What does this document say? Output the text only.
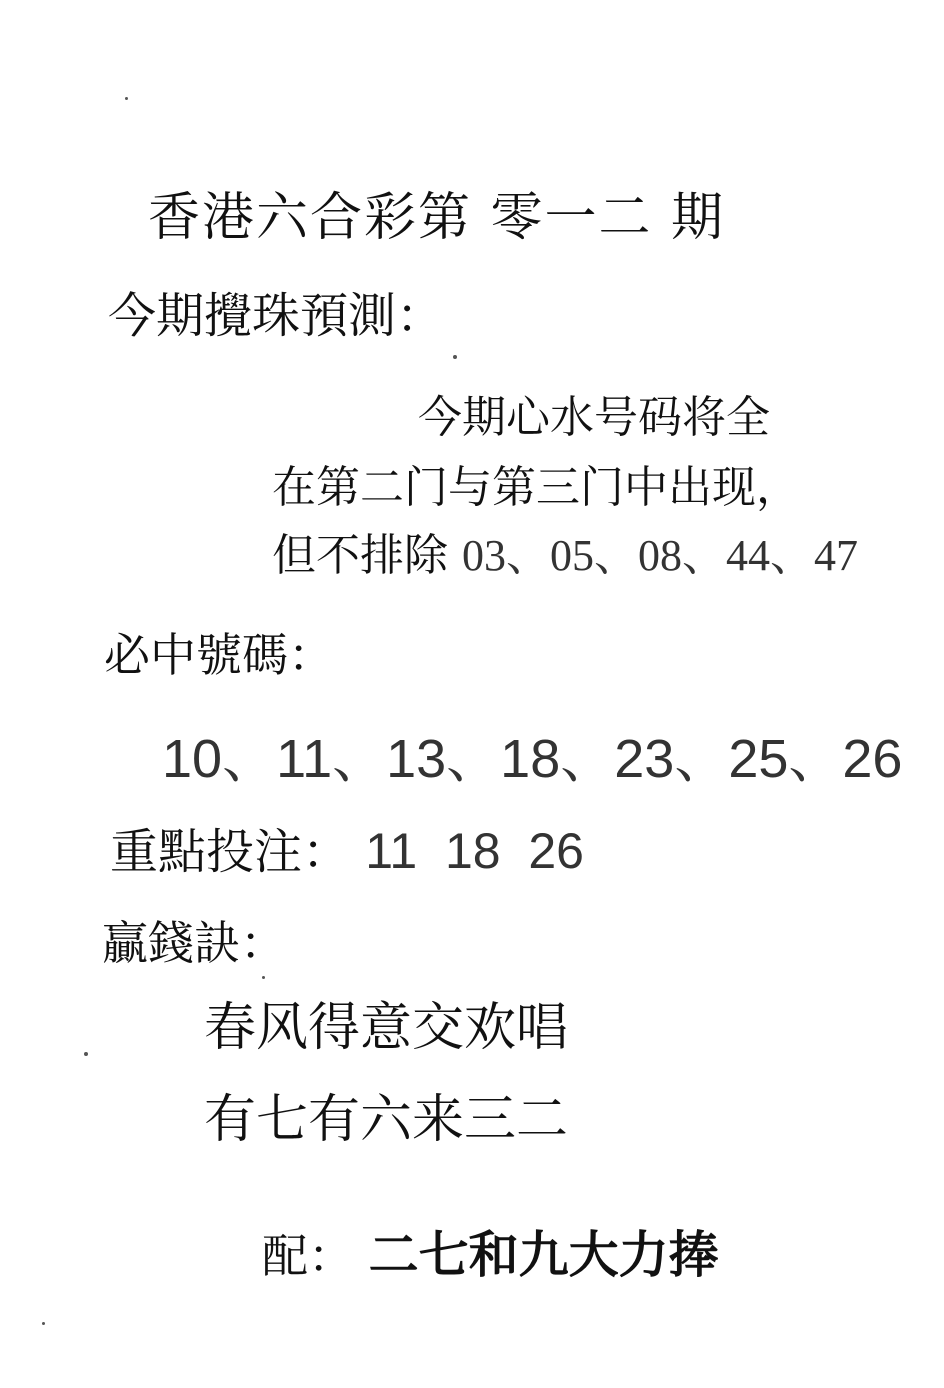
香港六合彩第 零一二 期
今期攪珠預測：
今期心水号码将全
在第二门与第三门中出现，
但不排除 03、05、08、44、47
必中號碼：
10、11、13、18、23、25、26
重點投注： 11  18  26
贏錢訣：
春风得意交欢唱
有七有六来三二
配： 二七和九大力捧
